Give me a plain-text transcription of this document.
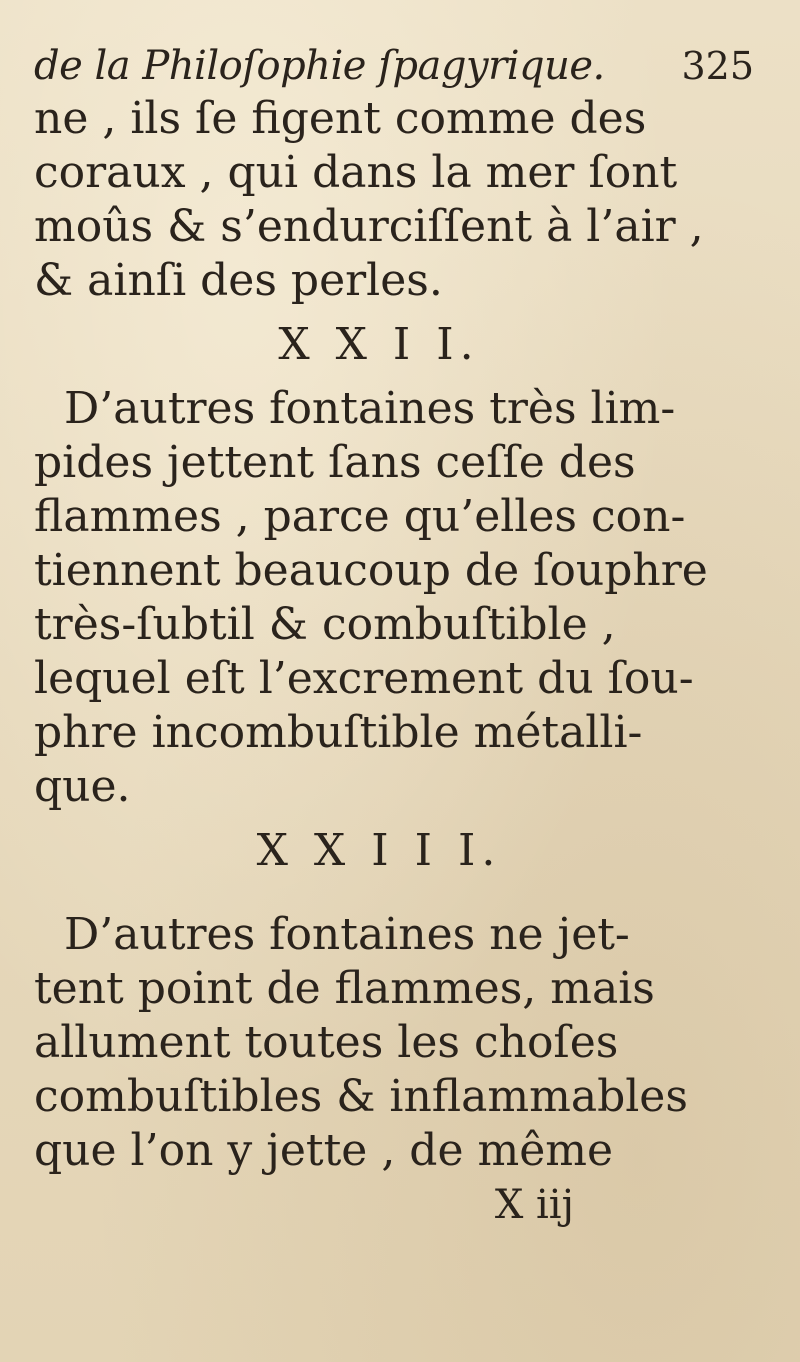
de la Philoſophie ſpagyrique. 325
ne , ils ſe figent comme des
coraux , qui dans la mer ſont
moûs & s’endurciſſent à l’air ,
& ainſi des perles.
X X I I.
D’autres fontaines très lim-
pides jettent ſans ceſſe des
flammes , parce qu’elles con-
tiennent beaucoup de ſouphre
très-ſubtil & combuſtible ,
lequel eſt l’excrement du ſou-
phre incombuſtible métalli-
que.
X X I I I.
D’autres fontaines ne jet-
tent point de flammes, mais
allument toutes les choſes
combuſtibles & inflammables
que l’on y jette , de même
X iij
